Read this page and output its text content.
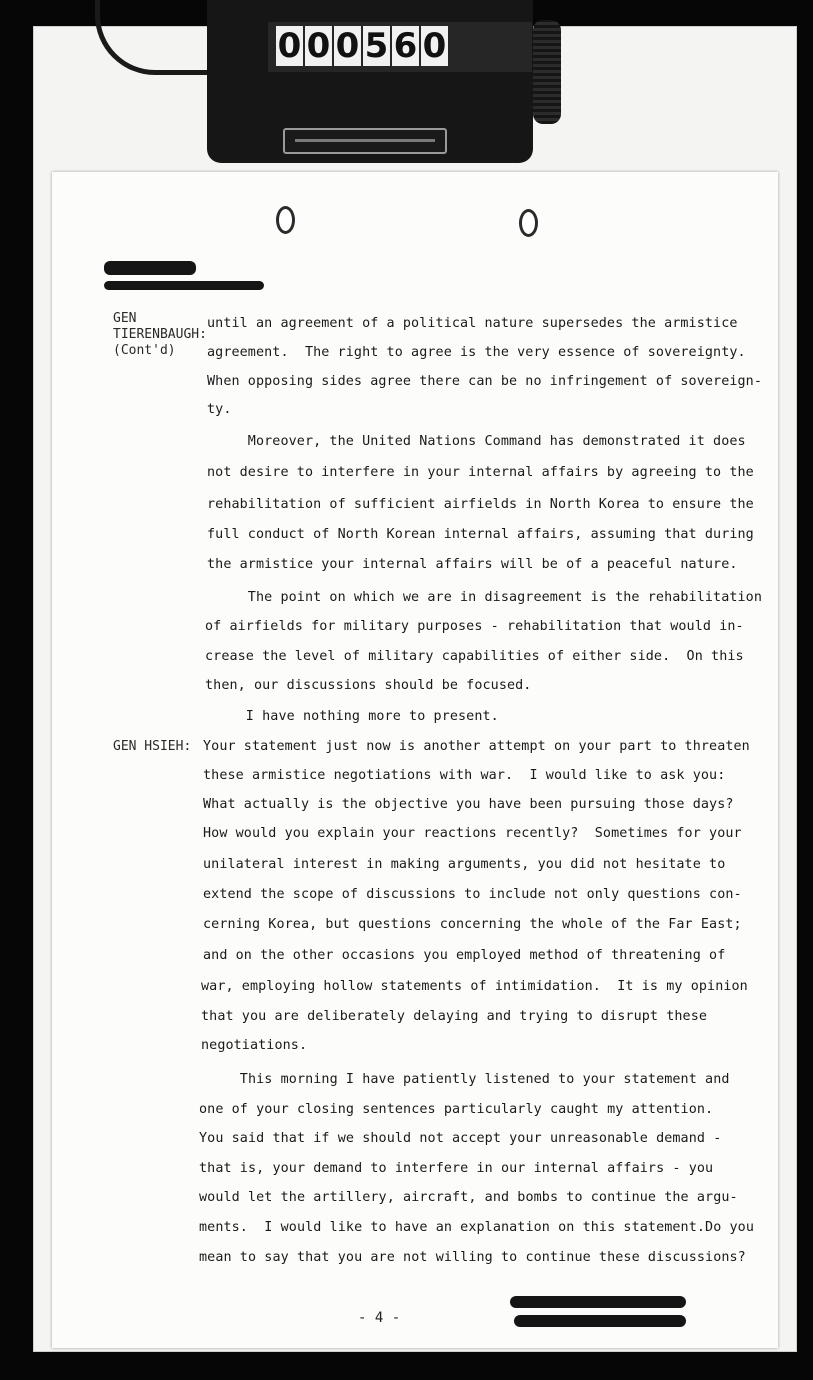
0 0 0 5 6 0
GEN
TIERENBAUGH:
(Cont'd)
GEN HSIEH:
until an agreement of a political nature supersedes the armistice
agreement.  The right to agree is the very essence of sovereignty.
When opposing sides agree there can be no infringement of sovereign-
ty.
Moreover, the United Nations Command has demonstrated it does
not desire to interfere in your internal affairs by agreeing to the
rehabilitation of sufficient airfields in North Korea to ensure the
full conduct of North Korean internal affairs, assuming that during
the armistice your internal affairs will be of a peaceful nature.
The point on which we are in disagreement is the rehabilitation
of airfields for military purposes - rehabilitation that would in-
crease the level of military capabilities of either side.  On this
then, our discussions should be focused.
I have nothing more to present.
Your statement just now is another attempt on your part to threaten
these armistice negotiations with war.  I would like to ask you:
What actually is the objective you have been pursuing those days?
How would you explain your reactions recently?  Sometimes for your
unilateral interest in making arguments, you did not hesitate to
extend the scope of discussions to include not only questions con-
cerning Korea, but questions concerning the whole of the Far East;
and on the other occasions you employed method of threatening of
war, employing hollow statements of intimidation.  It is my opinion
that you are deliberately delaying and trying to disrupt these
negotiations.
This morning I have patiently listened to your statement and
one of your closing sentences particularly caught my attention.
You said that if we should not accept your unreasonable demand -
that is, your demand to interfere in our internal affairs - you
would let the artillery, aircraft, and bombs to continue the argu-
ments.  I would like to have an explanation on this statement.Do you
mean to say that you are not willing to continue these discussions?
- 4 -
